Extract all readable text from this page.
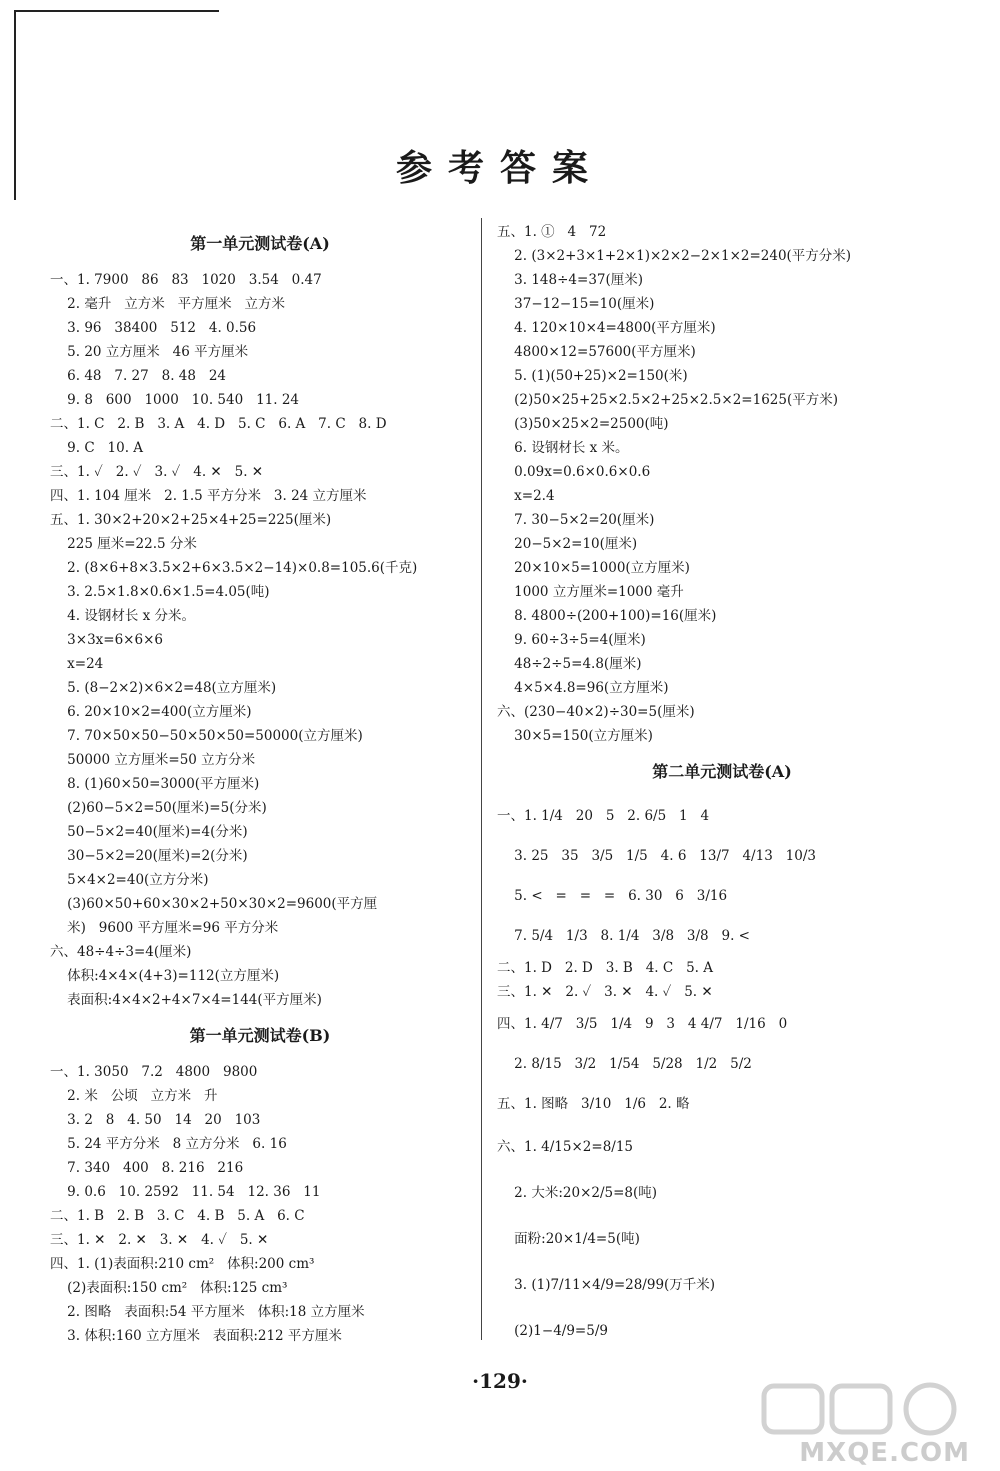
参考答案
第一单元测试卷(A)
一、1. 7900   86   83   1020   3.54   0.47
2. 毫升   立方米   平方厘米   立方米
3. 96   38400   512   4. 0.56
5. 20 立方厘米   46 平方厘米
6. 48   7. 27   8. 48   24
9. 8   600   1000   10. 540   11. 24
二、1. C   2. B   3. A   4. D   5. C   6. A   7. C   8. D
9. C   10. A
三、1. ✓   2. ✓   3. ✓   4. ✕   5. ✕
四、1. 104 厘米   2. 1.5 平方分米   3. 24 立方厘米
五、1. 30×2+20×2+25×4+25=225(厘米)
225 厘米=22.5 分米
2. (8×6+8×3.5×2+6×3.5×2−14)×0.8=105.6(千克)
3. 2.5×1.8×0.6×1.5=4.05(吨)
4. 设钢材长 x 分米。
3×3x=6×6×6
x=24
5. (8−2×2)×6×2=48(立方厘米)
6. 20×10×2=400(立方厘米)
7. 70×50×50−50×50×50=50000(立方厘米)
50000 立方厘米=50 立方分米
8. (1)60×50=3000(平方厘米)
(2)60−5×2=50(厘米)=5(分米)
50−5×2=40(厘米)=4(分米)
30−5×2=20(厘米)=2(分米)
5×4×2=40(立方分米)
(3)60×50+60×30×2+50×30×2=9600(平方厘
米)   9600 平方厘米=96 平方分米
六、48÷4÷3=4(厘米)
体积:4×4×(4+3)=112(立方厘米)
表面积:4×4×2+4×7×4=144(平方厘米)
第一单元测试卷(B)
一、1. 3050   7.2   4800   9800
2. 米   公顷   立方米   升
3. 2   8   4. 50   14   20   103
5. 24 平方分米   8 立方分米   6. 16
7. 340   400   8. 216   216
9. 0.6   10. 2592   11. 54   12. 36   11
二、1. B   2. B   3. C   4. B   5. A   6. C
三、1. ✕   2. ✕   3. ✕   4. ✓   5. ✕
四、1. (1)表面积:210 cm²   体积:200 cm³
(2)表面积:150 cm²   体积:125 cm³
2. 图略   表面积:54 平方厘米   体积:18 立方厘米
3. 体积:160 立方厘米   表面积:212 平方厘米
五、1. ①   4   72
2. (3×2+3×1+2×1)×2×2−2×1×2=240(平方分米)
3. 148÷4=37(厘米)
37−12−15=10(厘米)
4. 120×10×4=4800(平方厘米)
4800×12=57600(平方厘米)
5. (1)(50+25)×2=150(米)
(2)50×25+25×2.5×2+25×2.5×2=1625(平方米)
(3)50×25×2=2500(吨)
6. 设钢材长 x 米。
0.09x=0.6×0.6×0.6
x=2.4
7. 30−5×2=20(厘米)
20−5×2=10(厘米)
20×10×5=1000(立方厘米)
1000 立方厘米=1000 毫升
8. 4800÷(200+100)=16(厘米)
9. 60÷3÷5=4(厘米)
48÷2÷5=4.8(厘米)
4×5×4.8=96(立方厘米)
六、(230−40×2)÷30=5(厘米)
30×5=150(立方厘米)
第二单元测试卷(A)
一、1. 1/4   20   5   2. 6/5   1   4
3. 25   35   3/5   1/5   4. 6   13/7   4/13   10/3
5. <   =   =   =   6. 30   6   3/16
7. 5/4   1/3   8. 1/4   3/8   3/8   9. <
二、1. D   2. D   3. B   4. C   5. A
三、1. ✕   2. ✓   3. ✕   4. ✓   5. ✕
四、1. 4/7   3/5   1/4   9   3   4 4/7   1/16   0
2. 8/15   3/2   1/54   5/28   1/2   5/2
五、1. 图略   3/10   1/6   2. 略
六、1. 4/15×2=8/15
2. 大米:20×2/5=8(吨)
面粉:20×1/4=5(吨)
3. (1)7/11×4/9=28/99(万千米)
(2)1−4/9=5/9
·129·
MXQE.COM
